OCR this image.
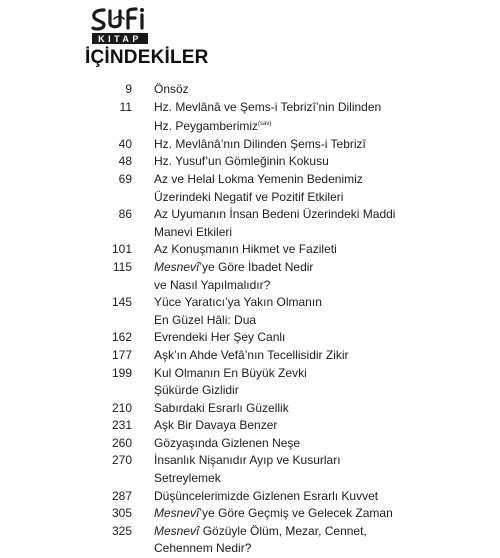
KITAP
İÇİNDEKİLER
9	Önsöz
11	Hz. Mevlânâ ve Şems-i Tebrizî’nin Dilinden
Hz. Peygamberimiz$^{(sav)}$
40	Hz. Mevlânâ’nın Dilinden Şems-i Tebrizî
48	Hz. Yusuf’un Gömleğinin Kokusu
69	Az ve Helal Lokma Yemenin Bedenimiz
Üzerindeki Negatif ve Pozitif Etkileri
86	Az Uyumanın İnsan Bedeni Üzerindeki Maddi
Manevi Etkileri
101	Az Konuşmanın Hikmet ve Fazileti
115	Mesnevî’ye Göre İbadet Nedir
ve Nasıl Yapılmalıdır?
145	Yüce Yaratıcı’ya Yakın Olmanın
En Güzel Hâli: Dua
162	Evrendeki Her Şey Canlı
177	Aşk’ın Ahde Vefâ’nın Tecellisidir Zikir
199	Kul Olmanın En Büyük Zevki
Şükürde Gizlidir
210	Sabırdaki Esrarlı Güzellik
231	Aşk Bir Davaya Benzer
260	Gözyaşında Gizlenen Neşe
270	İnsanlık Nişanıdır Ayıp ve Kusurları
Setreylemek
287	Düşüncelerimizde Gizlenen Esrarlı Kuvvet
305	Mesnevî’ye Göre Geçmiş ve Gelecek Zaman
325	Mesnevî Gözüyle Ölüm, Mezar, Cennet,
Cehennem Nedir?
